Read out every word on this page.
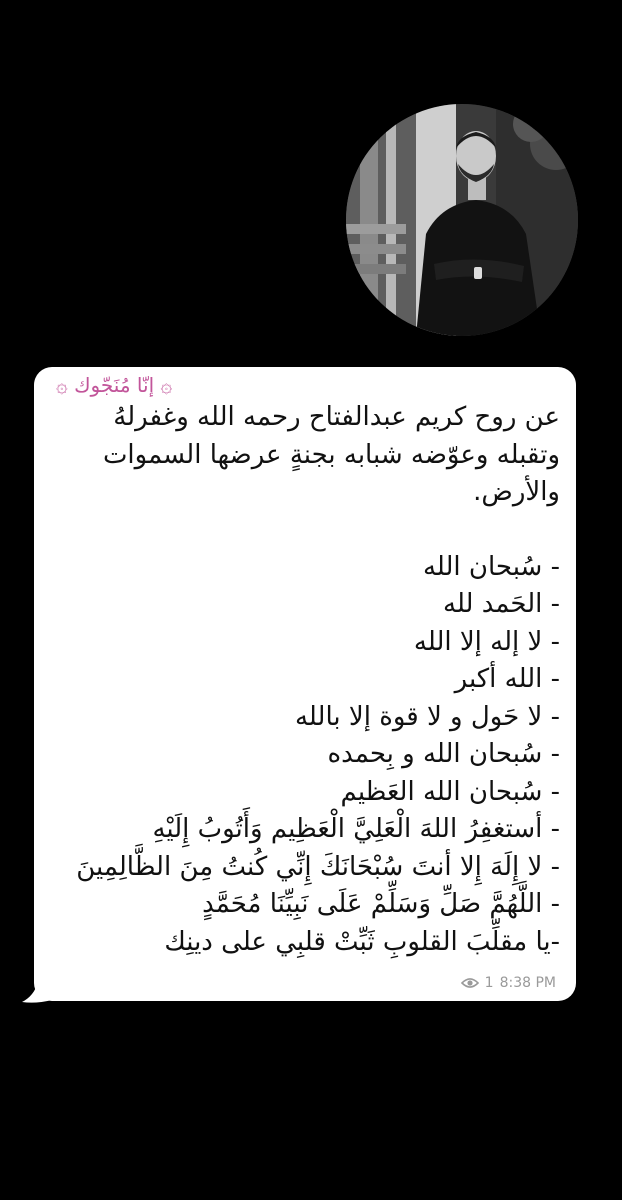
۞ إنّا مُنَجّوك ۞
عن روح كريم عبدالفتاح رحمه الله وغفرلهُ وتقبله وعوّضه شبابه بجنةٍ عرضها السموات والأرض.
- سُبحان الله
- الحَمد لله
- لا إله إلا الله
- الله أكبر
- لا حَول و لا قوة إلا بالله
- سُبحان الله و بِحمده
- سُبحان الله العَظيم
- أستغفِرُ اللهَ الْعَلِيَّ الْعَظِيم وَأَتُوبُ إِلَيْهِ
- لا إِلَهَ إِلا أنتَ سُبْحَانَكَ إِنِّي كُنتُ مِنَ الظَّالِمِينَ
- اللَّهُمَّ صَلِّ وَسَلِّمْ عَلَى نَبِيِّنَا مُحَمَّدٍ
-يا مقلِّبَ القلوبِ ثَبِّتْ قلبِي على دينِك
1 8:38 PM
